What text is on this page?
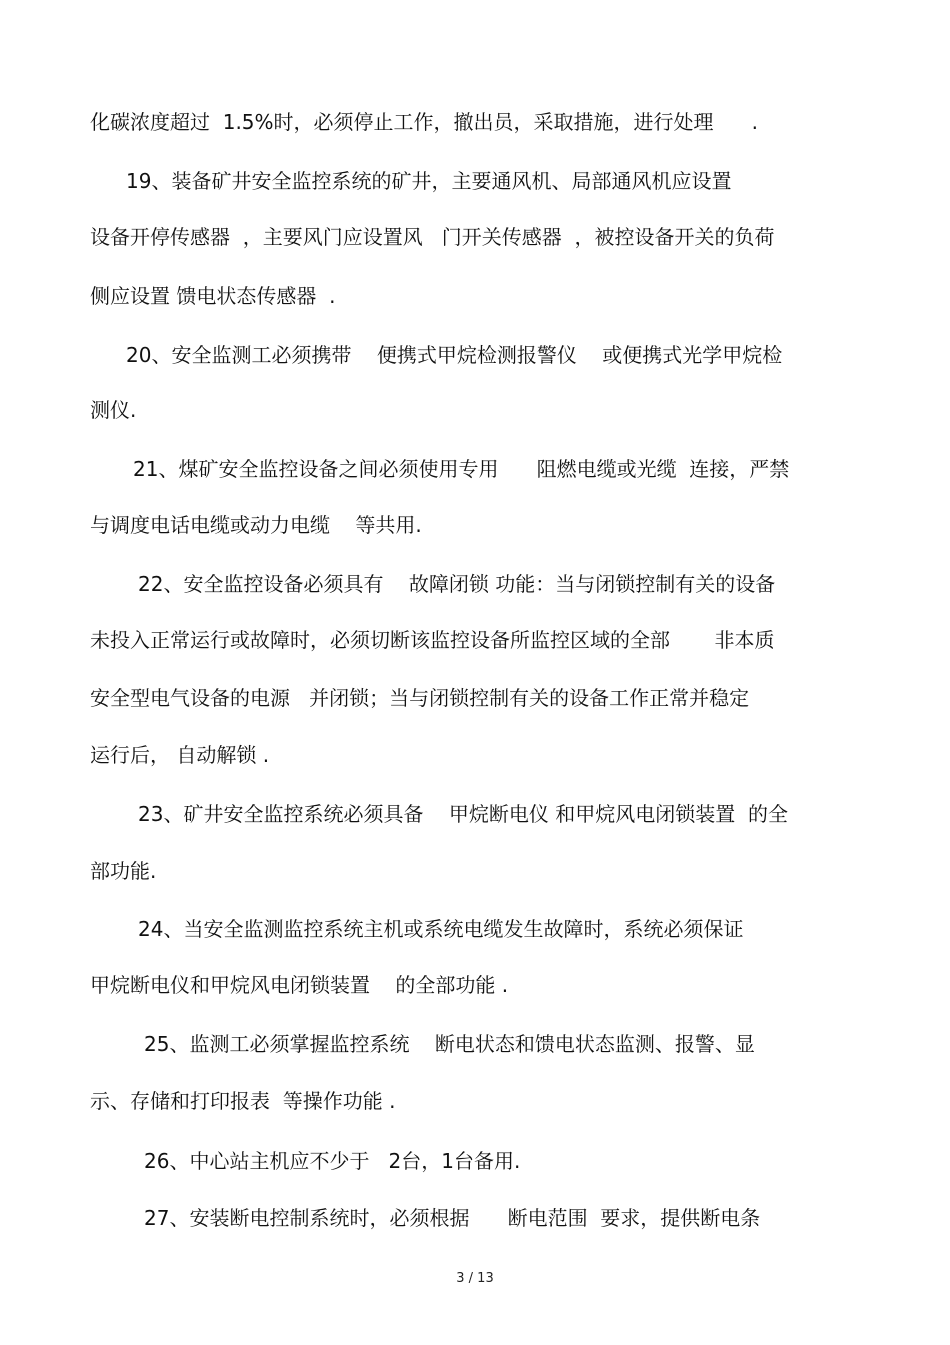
化碳浓度超过  1.5%时，必须停止工作，撤出员，采取措施，进行处理      .
19、装备矿井安全监控系统的矿井，主要通风机、局部通风机应设置
设备开停传感器  ，主要风门应设置风   门开关传感器  ，被控设备开关的负荷
侧应设置 馈电状态传感器  .
20、安全监测工必须携带    便携式甲烷检测报警仪    或便携式光学甲烷检
测仪.
21、煤矿安全监控设备之间必须使用专用      阻燃电缆或光缆  连接，严禁
与调度电话电缆或动力电缆    等共用.
22、安全监控设备必须具有    故障闭锁 功能：当与闭锁控制有关的设备
未投入正常运行或故障时，必须切断该监控设备所监控区域的全部       非本质
安全型电气设备的电源   并闭锁；当与闭锁控制有关的设备工作正常并稳定
运行后， 自动解锁 .
23、矿井安全监控系统必须具备    甲烷断电仪 和甲烷风电闭锁装置  的全
部功能.
24、当安全监测监控系统主机或系统电缆发生故障时，系统必须保证
甲烷断电仪和甲烷风电闭锁装置    的全部功能 .
25、监测工必须掌握监控系统    断电状态和馈电状态监测、报警、显
示、存储和打印报表  等操作功能 .
26、中心站主机应不少于   2台，1台备用.
27、安装断电控制系统时，必须根据      断电范围  要求，提供断电条
3 / 13
